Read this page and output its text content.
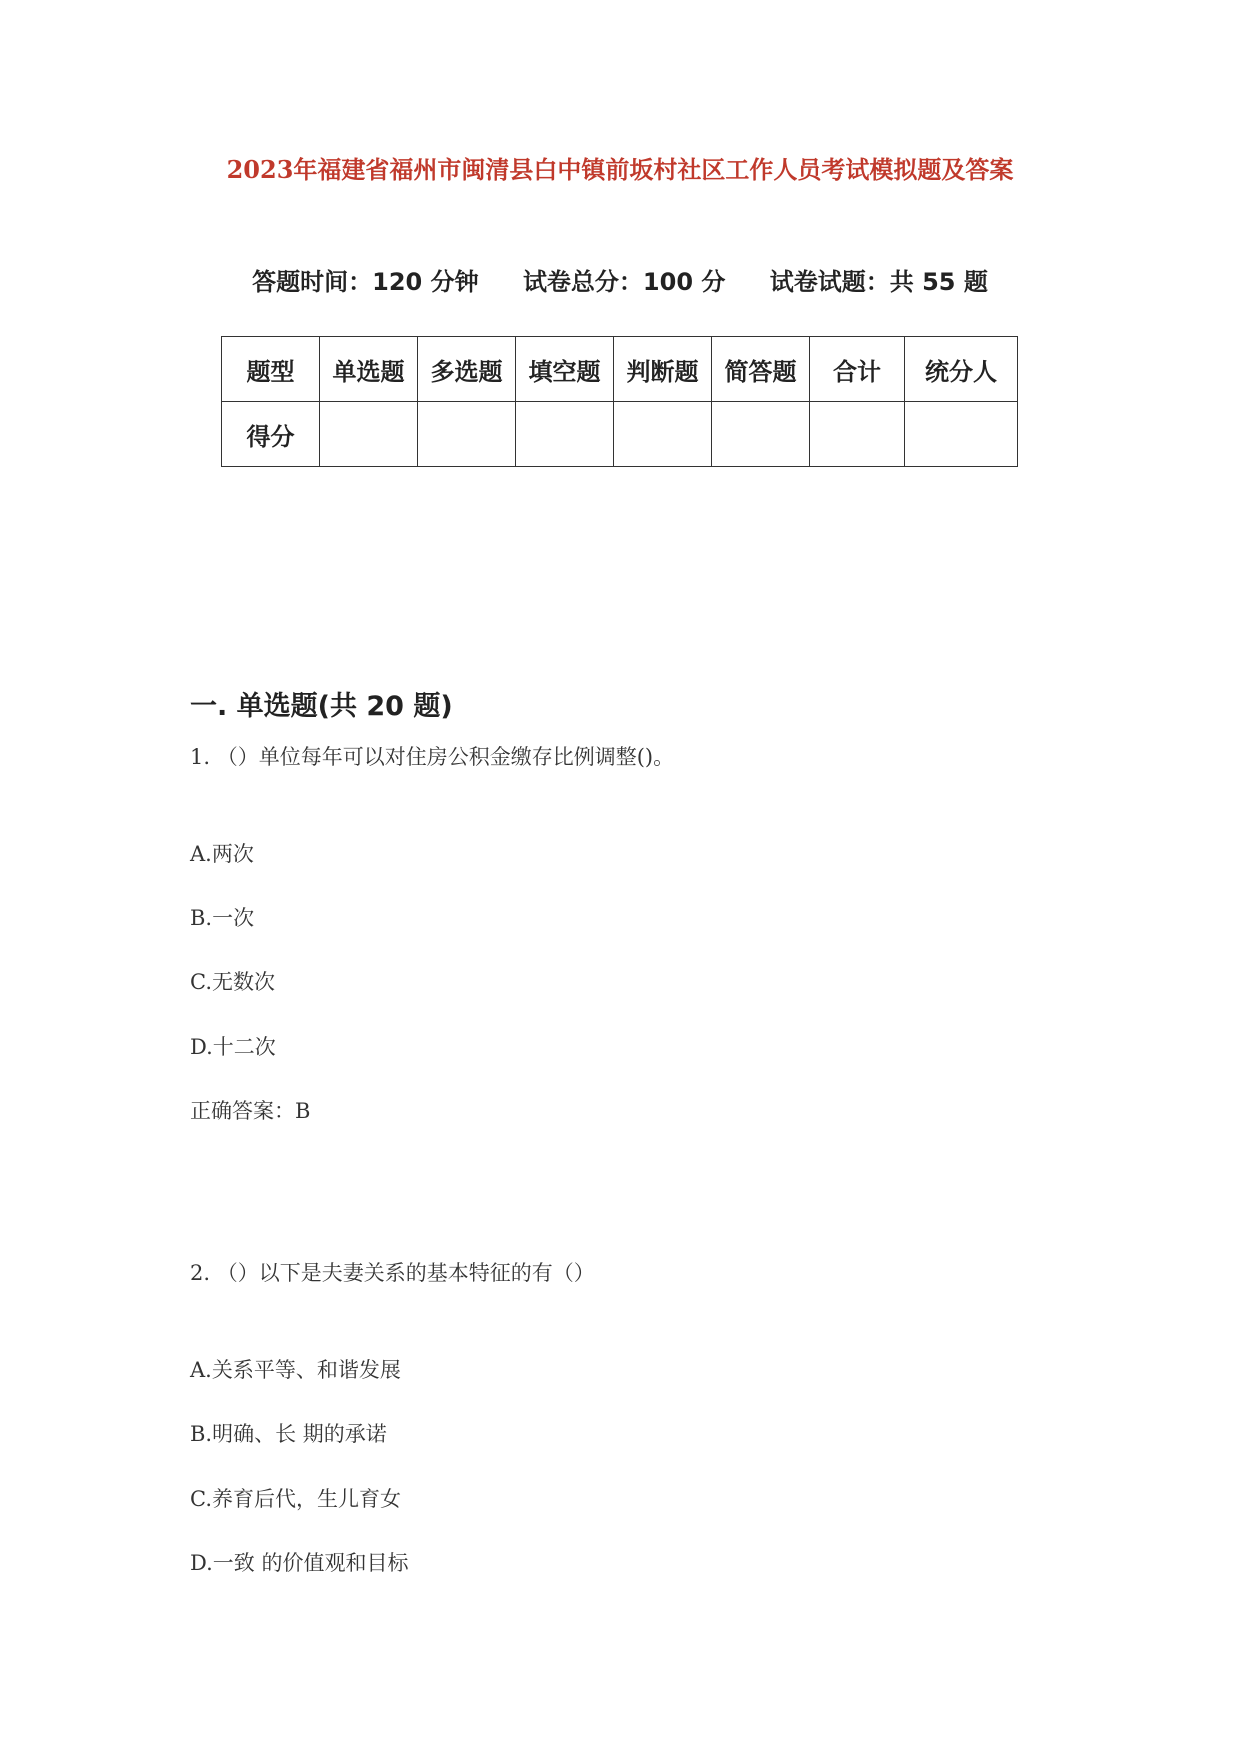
2023年福建省福州市闽清县白中镇前坂村社区工作人员考试模拟题及答案
答题时间：120 分钟 试卷总分：100 分 试卷试题：共 55 题
题型	单选题	多选题	填空题	判断题	简答题	合计	统分人
得分							
一. 单选题(共 20 题)
1. （）单位每年可以对住房公积金缴存比例调整()。
A.两次
B.一次
C.无数次
D.十二次
正确答案：B
2. （）以下是夫妻关系的基本特征的有（）
A.关系平等、和谐发展
B.明确、长 期的承诺
C.养育后代，生儿育女
D.一致 的价值观和目标
